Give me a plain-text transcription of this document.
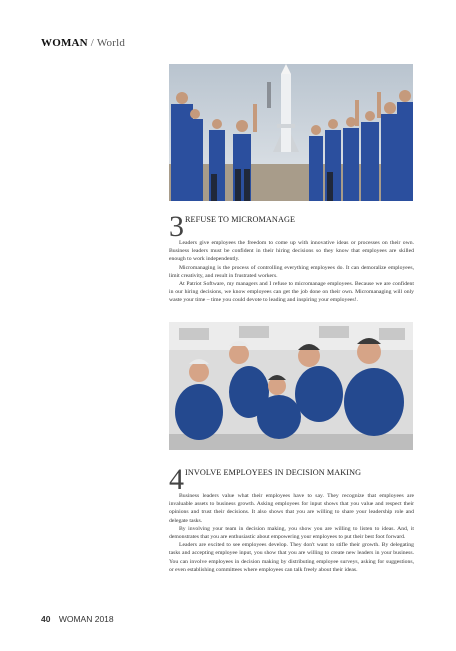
WOMAN / World
3 REFUSE TO MICROMANAGE

Leaders give employees the freedom to come up with innovative ideas or processes on their own. Business leaders must be confident in their hiring decisions so they know that employees are skilled enough to work independently.

Micromanaging is the process of controlling everything employees do. It can demoralize employees, limit creativity, and result in frustrated workers.

At Patriot Software, my managers and I refuse to micromanage employees. Because we are confident in our hiring decisions, we know employees can get the job done on their own. Micromanaging will only waste your time – time you could devote to leading and inspiring your employees!.

4 INVOLVE EMPLOYEES IN DECISION MAKING

Business leaders value what their employees have to say. They recognize that employees are invaluable assets to business growth. Asking employees for input shows that you value and respect their opinions and trust their decisions. It also shows that you are willing to share your leadership role and delegate tasks.

By involving your team in decision making, you show you are willing to listen to ideas. And, it demonstrates that you are enthusiastic about empowering your employees to put their best foot forward.

Leaders are excited to see employees develop. They don't want to stifle their growth. By delegating tasks and accepting employee input, you show that you are willing to create new leaders in your business. You can involve employees in decision making by distributing employee surveys, asking for suggestions, or even establishing committees where employees can talk freely about their ideas.

40 WOMAN 2018
